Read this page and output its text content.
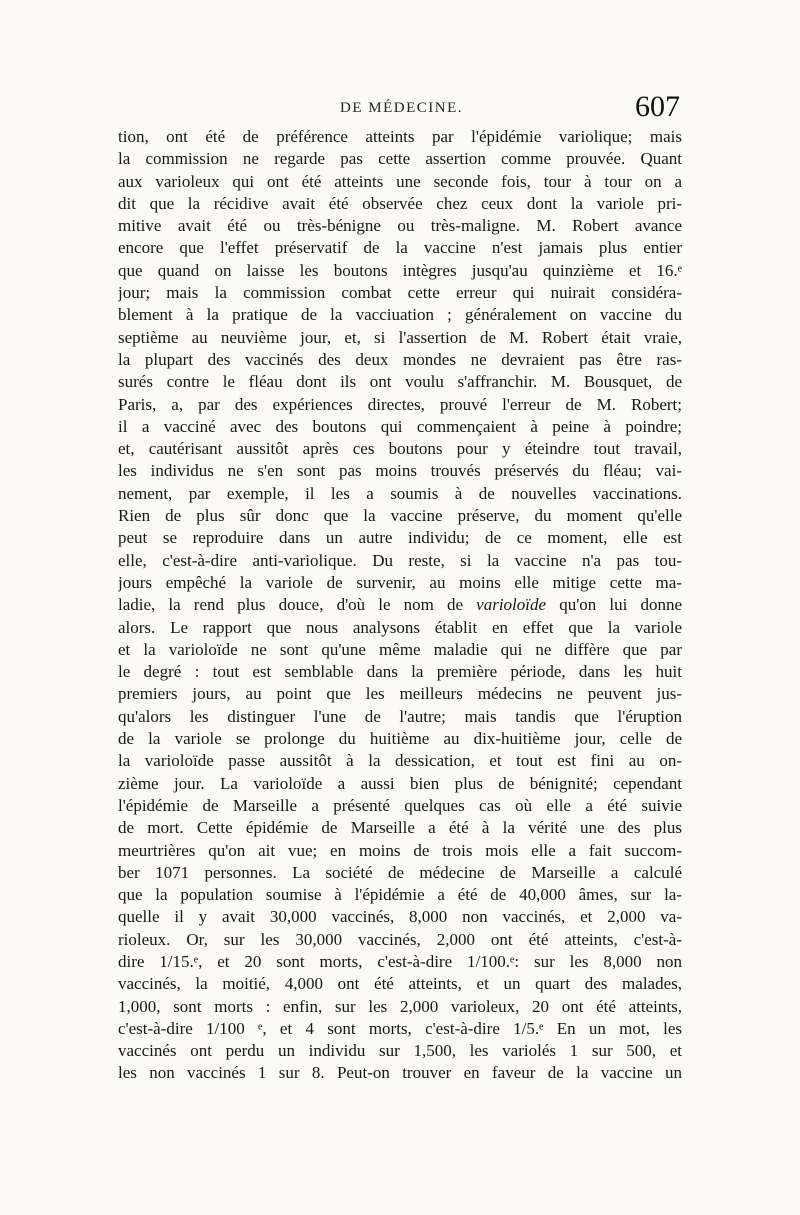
DE MÉDECINE.	607
tion, ont été de préférence atteints par l'épidémie variolique; mais
la commission ne regarde pas cette assertion comme prouvée. Quant
aux varioleux qui ont été atteints une seconde fois, tour à tour on a
dit que la récidive avait été observée chez ceux dont la variole pri-
mitive avait été ou très-bénigne ou très-maligne. M. Robert avance
encore que l'effet préservatif de la vaccine n'est jamais plus entier
que quand on laisse les boutons intègres jusqu'au quinzième et 16.ᵉ
jour; mais la commission combat cette erreur qui nuirait considéra-
blement à la pratique de la vacciuation ; généralement on vaccine du
septième au neuvième jour, et, si l'assertion de M. Robert était vraie,
la plupart des vaccinés des deux mondes ne devraient pas être ras-
surés contre le fléau dont ils ont voulu s'affranchir. M. Bousquet, de
Paris, a, par des expériences directes, prouvé l'erreur de M. Robert;
il a vacciné avec des boutons qui commençaient à peine à poindre;
et, cautérisant aussitôt après ces boutons pour y éteindre tout travail,
les individus ne s'en sont pas moins trouvés préservés du fléau; vai-
nement, par exemple, il les a soumis à de nouvelles vaccinations.
Rien de plus sûr donc que la vaccine préserve, du moment qu'elle
peut se reproduire dans un autre individu; de ce moment, elle est
elle, c'est-à-dire anti-variolique. Du reste, si la vaccine n'a pas tou-
jours empêché la variole de survenir, au moins elle mitige cette ma-
ladie, la rend plus douce, d'où le nom de varioloïde qu'on lui donne
alors. Le rapport que nous analysons établit en effet que la variole
et la varioloïde ne sont qu'une même maladie qui ne diffère que par
le degré : tout est semblable dans la première période, dans les huit
premiers jours, au point que les meilleurs médecins ne peuvent jus-
qu'alors les distinguer l'une de l'autre; mais tandis que l'éruption
de la variole se prolonge du huitième au dix-huitième jour, celle de
la varioloïde passe aussitôt à la dessication, et tout est fini au on-
zième jour. La varioloïde a aussi bien plus de bénignité; cependant
l'épidémie de Marseille a présenté quelques cas où elle a été suivie
de mort. Cette épidémie de Marseille a été à la vérité une des plus
meurtrières qu'on ait vue; en moins de trois mois elle a fait succom-
ber 1071 personnes. La société de médecine de Marseille a calculé
que la population soumise à l'épidémie a été de 40,000 âmes, sur la-
quelle il y avait 30,000 vaccinés, 8,000 non vaccinés, et 2,000 va-
rioleux. Or, sur les 30,000 vaccinés, 2,000 ont été atteints, c'est-à-
dire 1/15.ᵉ, et 20 sont morts, c'est-à-dire 1/100.ᵉ: sur les 8,000 non
vaccinés, la moitié, 4,000 ont été atteints, et un quart des malades,
1,000, sont morts : enfin, sur les 2,000 varioleux, 20 ont été atteints,
c'est-à-dire 1/100 ᵉ, et 4 sont morts, c'est-à-dire 1/5.ᵉ En un mot, les
vaccinés ont perdu un individu sur 1,500, les variolés 1 sur 500, et
les non vaccinés 1 sur 8. Peut-on trouver en faveur de la vaccine un
